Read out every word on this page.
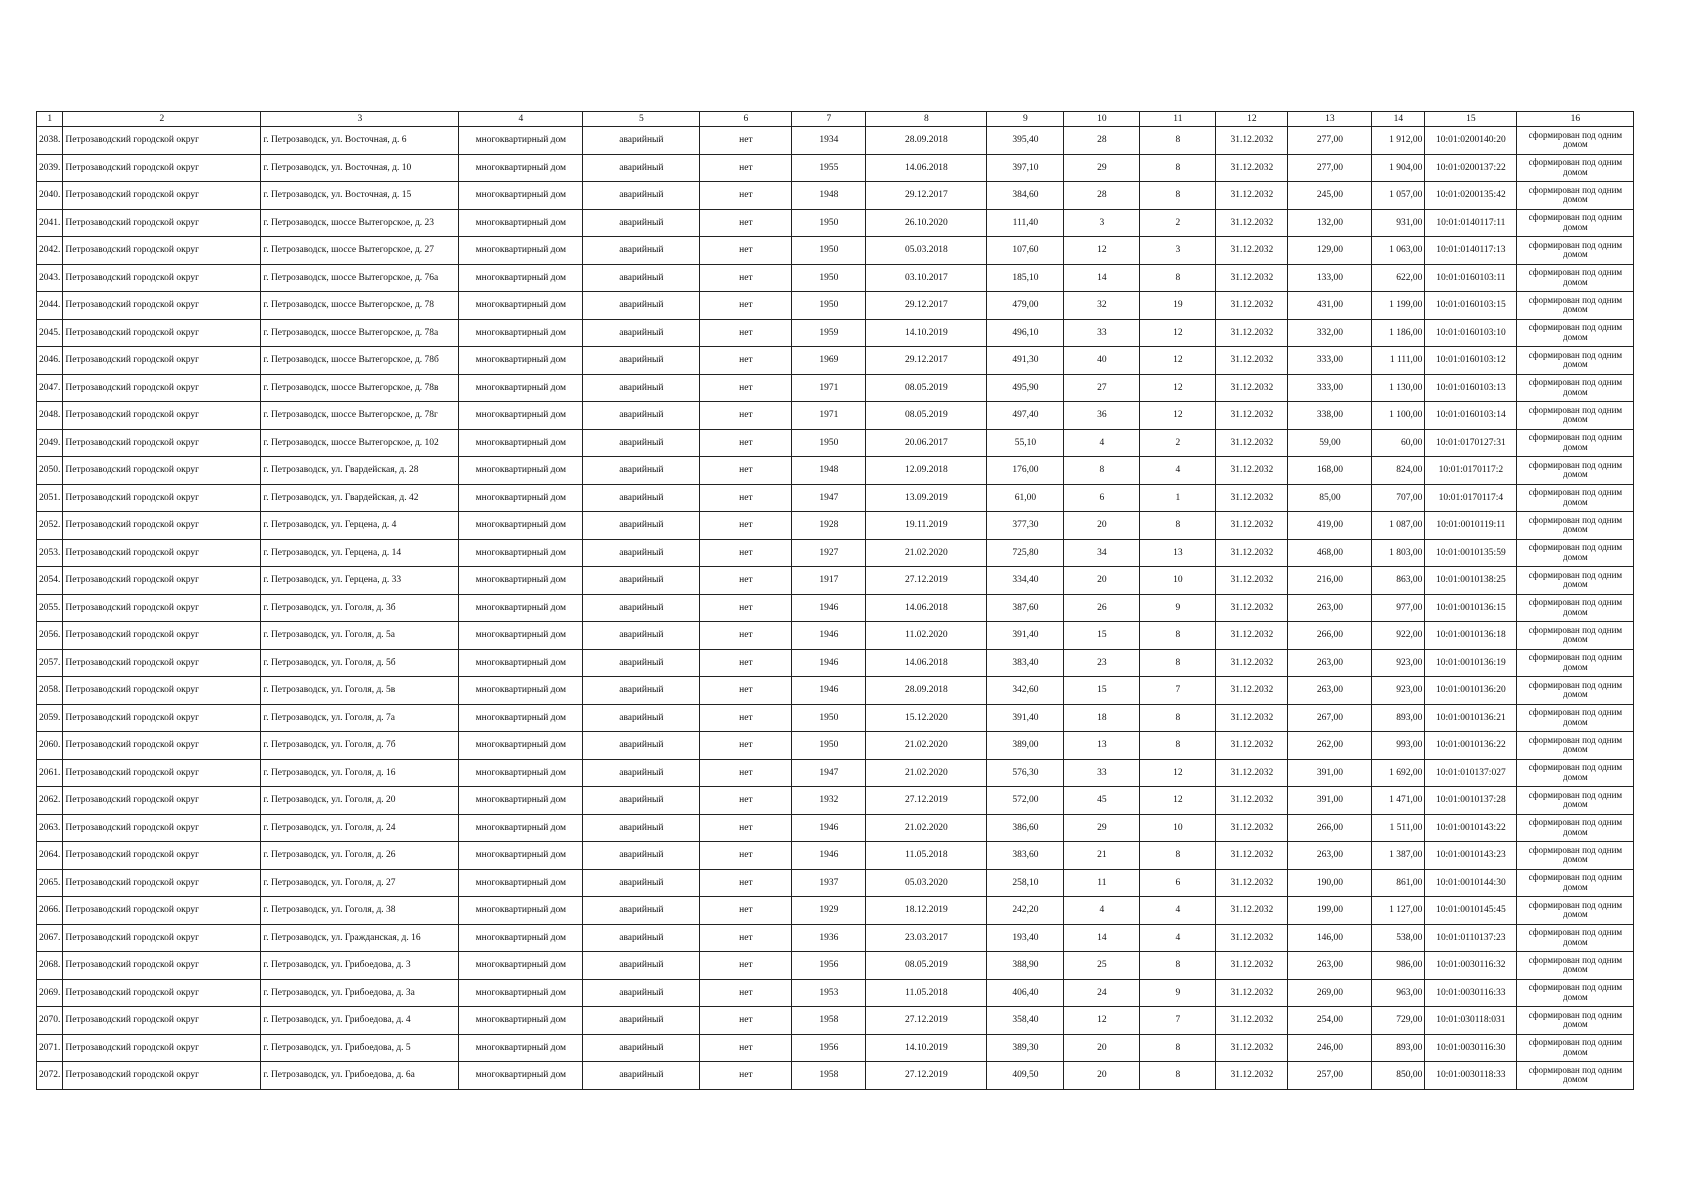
1	2	3	4	5	6	7	8	9	10	11	12	13	14	15	16
2038.	Петрозаводский городской округ	г. Петрозаводск, ул. Восточная, д. 6	многоквартирный дом	аварийный	нет	1934	28.09.2018	395,40	28	8	31.12.2032	277,00	1 912,00	10:01:0200140:20	сформирован под одним домом
2039.	Петрозаводский городской округ	г. Петрозаводск, ул. Восточная, д. 10	многоквартирный дом	аварийный	нет	1955	14.06.2018	397,10	29	8	31.12.2032	277,00	1 904,00	10:01:0200137:22	сформирован под одним домом
2040.	Петрозаводский городской округ	г. Петрозаводск, ул. Восточная, д. 15	многоквартирный дом	аварийный	нет	1948	29.12.2017	384,60	28	8	31.12.2032	245,00	1 057,00	10:01:0200135:42	сформирован под одним домом
2041.	Петрозаводский городской округ	г. Петрозаводск, шоссе Вытегорское, д. 23	многоквартирный дом	аварийный	нет	1950	26.10.2020	111,40	3	2	31.12.2032	132,00	931,00	10:01:0140117:11	сформирован под одним домом
2042.	Петрозаводский городской округ	г. Петрозаводск, шоссе Вытегорское, д. 27	многоквартирный дом	аварийный	нет	1950	05.03.2018	107,60	12	3	31.12.2032	129,00	1 063,00	10:01:0140117:13	сформирован под одним домом
2043.	Петрозаводский городской округ	г. Петрозаводск, шоссе Вытегорское, д. 76а	многоквартирный дом	аварийный	нет	1950	03.10.2017	185,10	14	8	31.12.2032	133,00	622,00	10:01:0160103:11	сформирован под одним домом
2044.	Петрозаводский городской округ	г. Петрозаводск, шоссе Вытегорское, д. 78	многоквартирный дом	аварийный	нет	1950	29.12.2017	479,00	32	19	31.12.2032	431,00	1 199,00	10:01:0160103:15	сформирован под одним домом
2045.	Петрозаводский городской округ	г. Петрозаводск, шоссе Вытегорское, д. 78а	многоквартирный дом	аварийный	нет	1959	14.10.2019	496,10	33	12	31.12.2032	332,00	1 186,00	10:01:0160103:10	сформирован под одним домом
2046.	Петрозаводский городской округ	г. Петрозаводск, шоссе Вытегорское, д. 78б	многоквартирный дом	аварийный	нет	1969	29.12.2017	491,30	40	12	31.12.2032	333,00	1 111,00	10:01:0160103:12	сформирован под одним домом
2047.	Петрозаводский городской округ	г. Петрозаводск, шоссе Вытегорское, д. 78в	многоквартирный дом	аварийный	нет	1971	08.05.2019	495,90	27	12	31.12.2032	333,00	1 130,00	10:01:0160103:13	сформирован под одним домом
2048.	Петрозаводский городской округ	г. Петрозаводск, шоссе Вытегорское, д. 78г	многоквартирный дом	аварийный	нет	1971	08.05.2019	497,40	36	12	31.12.2032	338,00	1 100,00	10:01:0160103:14	сформирован под одним домом
2049.	Петрозаводский городской округ	г. Петрозаводск, шоссе Вытегорское, д. 102	многоквартирный дом	аварийный	нет	1950	20.06.2017	55,10	4	2	31.12.2032	59,00	60,00	10:01:0170127:31	сформирован под одним домом
2050.	Петрозаводский городской округ	г. Петрозаводск, ул. Гвардейская, д. 28	многоквартирный дом	аварийный	нет	1948	12.09.2018	176,00	8	4	31.12.2032	168,00	824,00	10:01:0170117:2	сформирован под одним домом
2051.	Петрозаводский городской округ	г. Петрозаводск, ул. Гвардейская, д. 42	многоквартирный дом	аварийный	нет	1947	13.09.2019	61,00	6	1	31.12.2032	85,00	707,00	10:01:0170117:4	сформирован под одним домом
2052.	Петрозаводский городской округ	г. Петрозаводск, ул. Герцена, д. 4	многоквартирный дом	аварийный	нет	1928	19.11.2019	377,30	20	8	31.12.2032	419,00	1 087,00	10:01:0010119:11	сформирован под одним домом
2053.	Петрозаводский городской округ	г. Петрозаводск, ул. Герцена, д. 14	многоквартирный дом	аварийный	нет	1927	21.02.2020	725,80	34	13	31.12.2032	468,00	1 803,00	10:01:0010135:59	сформирован под одним домом
2054.	Петрозаводский городской округ	г. Петрозаводск, ул. Герцена, д. 33	многоквартирный дом	аварийный	нет	1917	27.12.2019	334,40	20	10	31.12.2032	216,00	863,00	10:01:0010138:25	сформирован под одним домом
2055.	Петрозаводский городской округ	г. Петрозаводск, ул. Гоголя, д. 3б	многоквартирный дом	аварийный	нет	1946	14.06.2018	387,60	26	9	31.12.2032	263,00	977,00	10:01:0010136:15	сформирован под одним домом
2056.	Петрозаводский городской округ	г. Петрозаводск, ул. Гоголя, д. 5а	многоквартирный дом	аварийный	нет	1946	11.02.2020	391,40	15	8	31.12.2032	266,00	922,00	10:01:0010136:18	сформирован под одним домом
2057.	Петрозаводский городской округ	г. Петрозаводск, ул. Гоголя, д. 5б	многоквартирный дом	аварийный	нет	1946	14.06.2018	383,40	23	8	31.12.2032	263,00	923,00	10:01:0010136:19	сформирован под одним домом
2058.	Петрозаводский городской округ	г. Петрозаводск, ул. Гоголя, д. 5в	многоквартирный дом	аварийный	нет	1946	28.09.2018	342,60	15	7	31.12.2032	263,00	923,00	10:01:0010136:20	сформирован под одним домом
2059.	Петрозаводский городской округ	г. Петрозаводск, ул. Гоголя, д. 7а	многоквартирный дом	аварийный	нет	1950	15.12.2020	391,40	18	8	31.12.2032	267,00	893,00	10:01:0010136:21	сформирован под одним домом
2060.	Петрозаводский городской округ	г. Петрозаводск, ул. Гоголя, д. 7б	многоквартирный дом	аварийный	нет	1950	21.02.2020	389,00	13	8	31.12.2032	262,00	993,00	10:01:0010136:22	сформирован под одним домом
2061.	Петрозаводский городской округ	г. Петрозаводск, ул. Гоголя, д. 16	многоквартирный дом	аварийный	нет	1947	21.02.2020	576,30	33	12	31.12.2032	391,00	1 692,00	10:01:010137:027	сформирован под одним домом
2062.	Петрозаводский городской округ	г. Петрозаводск, ул. Гоголя, д. 20	многоквартирный дом	аварийный	нет	1932	27.12.2019	572,00	45	12	31.12.2032	391,00	1 471,00	10:01:0010137:28	сформирован под одним домом
2063.	Петрозаводский городской округ	г. Петрозаводск, ул. Гоголя, д. 24	многоквартирный дом	аварийный	нет	1946	21.02.2020	386,60	29	10	31.12.2032	266,00	1 511,00	10:01:0010143:22	сформирован под одним домом
2064.	Петрозаводский городской округ	г. Петрозаводск, ул. Гоголя, д. 26	многоквартирный дом	аварийный	нет	1946	11.05.2018	383,60	21	8	31.12.2032	263,00	1 387,00	10:01:0010143:23	сформирован под одним домом
2065.	Петрозаводский городской округ	г. Петрозаводск, ул. Гоголя, д. 27	многоквартирный дом	аварийный	нет	1937	05.03.2020	258,10	11	6	31.12.2032	190,00	861,00	10:01:0010144:30	сформирован под одним домом
2066.	Петрозаводский городской округ	г. Петрозаводск, ул. Гоголя, д. 38	многоквартирный дом	аварийный	нет	1929	18.12.2019	242,20	4	4	31.12.2032	199,00	1 127,00	10:01:0010145:45	сформирован под одним домом
2067.	Петрозаводский городской округ	г. Петрозаводск, ул. Гражданская, д. 16	многоквартирный дом	аварийный	нет	1936	23.03.2017	193,40	14	4	31.12.2032	146,00	538,00	10:01:0110137:23	сформирован под одним домом
2068.	Петрозаводский городской округ	г. Петрозаводск, ул. Грибоедова, д. 3	многоквартирный дом	аварийный	нет	1956	08.05.2019	388,90	25	8	31.12.2032	263,00	986,00	10:01:0030116:32	сформирован под одним домом
2069.	Петрозаводский городской округ	г. Петрозаводск, ул. Грибоедова, д. 3а	многоквартирный дом	аварийный	нет	1953	11.05.2018	406,40	24	9	31.12.2032	269,00	963,00	10:01:0030116:33	сформирован под одним домом
2070.	Петрозаводский городской округ	г. Петрозаводск, ул. Грибоедова, д. 4	многоквартирный дом	аварийный	нет	1958	27.12.2019	358,40	12	7	31.12.2032	254,00	729,00	10:01:030118:031	сформирован под одним домом
2071.	Петрозаводский городской округ	г. Петрозаводск, ул. Грибоедова, д. 5	многоквартирный дом	аварийный	нет	1956	14.10.2019	389,30	20	8	31.12.2032	246,00	893,00	10:01:0030116:30	сформирован под одним домом
2072.	Петрозаводский городской округ	г. Петрозаводск, ул. Грибоедова, д. 6а	многоквартирный дом	аварийный	нет	1958	27.12.2019	409,50	20	8	31.12.2032	257,00	850,00	10:01:0030118:33	сформирован под одним домом
